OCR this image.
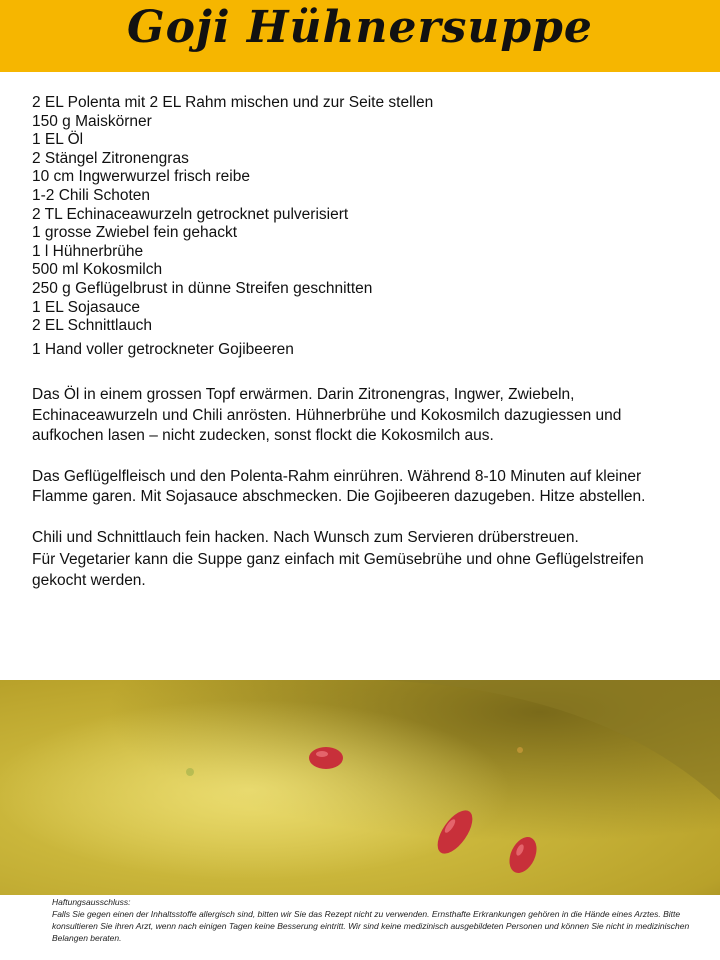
Goji Hühnersuppe
2 EL Polenta mit 2 EL Rahm mischen und zur Seite stellen
150 g Maiskörner
1 EL Öl
2 Stängel Zitronengras
10 cm Ingwerwurzel frisch reibe
1-2 Chili Schoten
2 TL Echinaceawurzeln getrocknet pulverisiert
1 grosse Zwiebel fein gehackt
1 l Hühnerbrühe
500 ml Kokosmilch
250 g Geflügelbrust in dünne Streifen geschnitten
1 EL Sojasauce
2 EL Schnittlauch
1 Hand voller getrockneter Gojibeeren

Das Öl in einem grossen Topf erwärmen. Darin Zitronengras, Ingwer, Zwiebeln, Echinaceawurzeln und Chili anrösten. Hühnerbrühe und Kokosmilch dazugiessen und aufkochen lasen – nicht zudecken, sonst flockt die Kokosmilch aus.

Das Geflügelfleisch und den Polenta-Rahm einrühren. Während 8-10 Minuten auf kleiner Flamme garen. Mit Sojasauce abschmecken. Die Gojibeeren dazugeben. Hitze abstellen.

Chili und Schnittlauch fein hacken. Nach Wunsch zum Servieren drüberstreuen.

Für Vegetarier kann die Suppe ganz einfach mit Gemüsebrühe und ohne Geflügelstreifen gekocht werden.

Haftungsausschluss:

Falls Sie gegen einen der Inhaltsstoffe allergisch sind, bitten wir Sie das Rezept nicht zu verwenden. Ernsthafte Erkrankungen gehören in die Hände eines Arztes. Bitte konsultieren Sie ihren Arzt, wenn nach einigen Tagen keine Besserung eintritt. Wir sind keine medizinisch ausgebildeten Personen und können Sie nicht in medizinischen Belangen beraten.
